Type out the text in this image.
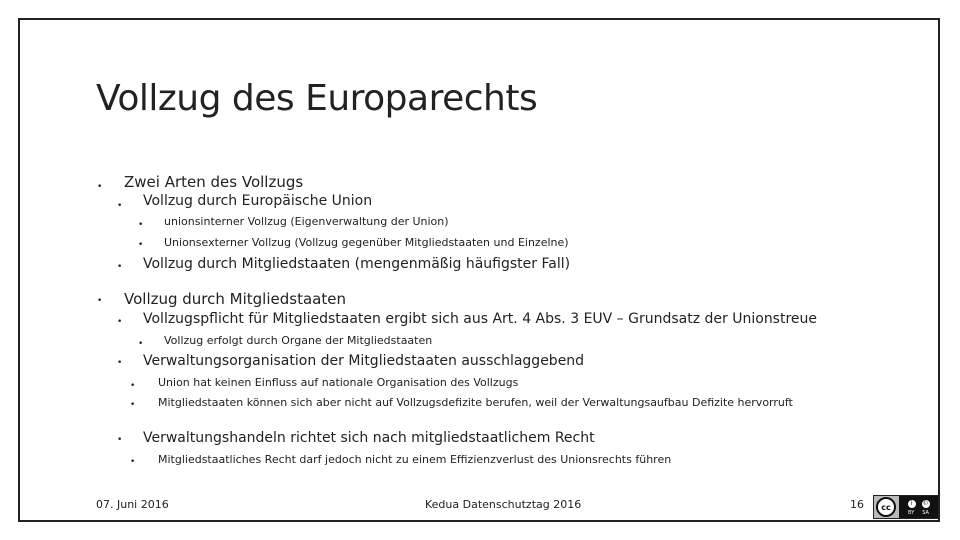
Vollzug des Europarechts
• Zwei Arten des Vollzugs
• Vollzug durch Europäische Union
• unionsinterner Vollzug (Eigenverwaltung der Union)
• Unionsexterner Vollzug (Vollzug gegenüber Mitgliedstaaten und Einzelne)
• Vollzug durch Mitgliedstaaten (mengenmäßig häufigster Fall)
• Vollzug durch Mitgliedstaaten
• Vollzugspflicht für Mitgliedstaaten ergibt sich aus Art. 4 Abs. 3 EUV – Grundsatz der Unionstreue
• Vollzug erfolgt durch Organe der Mitgliedstaaten
• Verwaltungsorganisation der Mitgliedstaaten ausschlaggebend
• Union hat keinen Einfluss auf nationale Organisation des Vollzugs
• Mitgliedstaaten können sich aber nicht auf Vollzugsdefizite berufen, weil der Verwaltungsaufbau Defizite hervorruft
• Verwaltungshandeln richtet sich nach mitgliedstaatlichem Recht
• Mitgliedstaatliches Recht darf jedoch nicht zu einem Effizienzverlust des Unionsrechts führen
07. Juni 2016	Kedua Datenschutztag 2016	16	cc	i	©
BY SA
